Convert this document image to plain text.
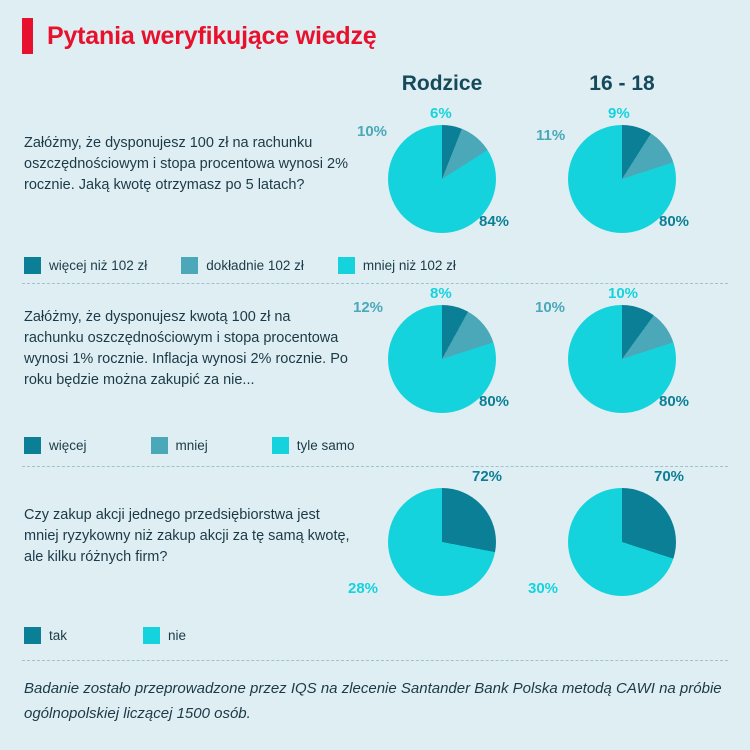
Pytania weryfikujące wiedzę
Rodzice	16 - 18
Załóżmy, że dysponujesz 100 zł na rachunku oszczędnościowym i stopa procentowa wynosi 2% rocznie. Jaką kwotę otrzymasz po 5 latach?
6%
10%
84%
9%
11%
80%
więcej niż 102 zł	dokładnie 102 zł	mniej niż 102 zł
Załóżmy, że dysponujesz kwotą 100 zł na rachunku oszczędnościowym i stopa procentowa wynosi 1% rocznie. Inflacja wynosi 2% rocznie. Po roku będzie można zakupić za nie...
8%
12%
80%
10%
10%
80%
więcej	mniej	tyle samo
Czy zakup akcji jednego przedsiębiorstwa jest mniej ryzykowny niż zakup akcji za tę samą kwotę, ale kilku różnych firm?
72%
28%
70%
30%
tak	nie
Badanie zostało przeprowadzone przez IQS na zlecenie Santander Bank Polska metodą CAWI na próbie ogólnopolskiej liczącej 1500 osób.
